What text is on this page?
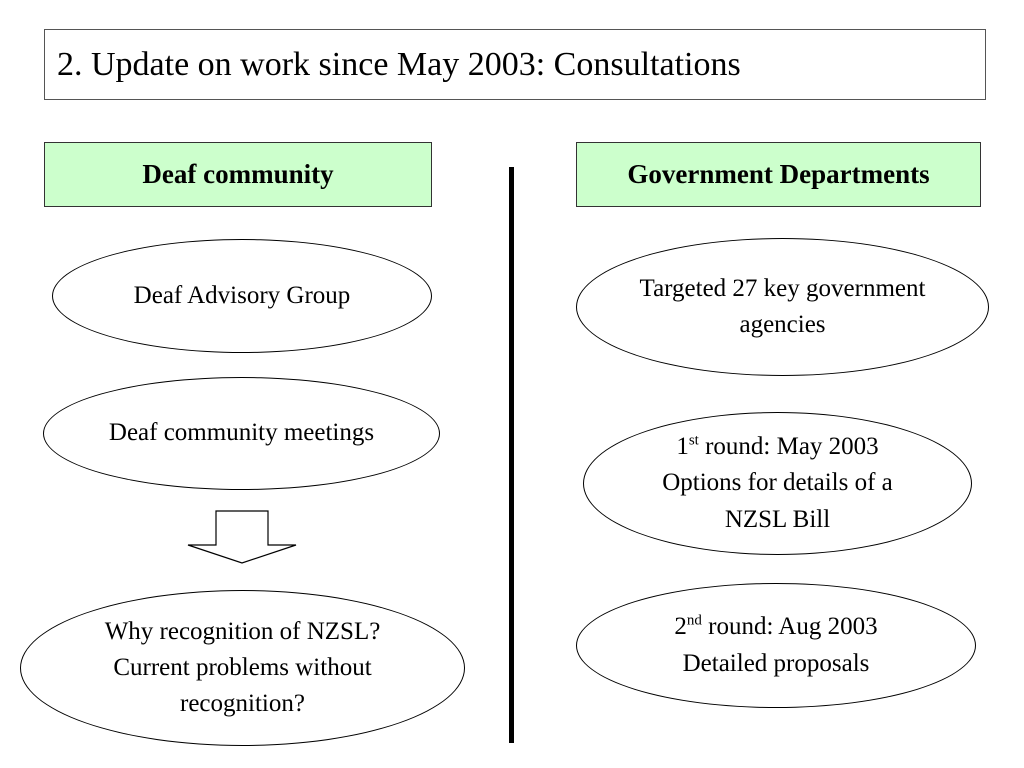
2. Update on work since May 2003: Consultations
Deaf community	Government Departments
Deaf Advisory Group
Deaf community meetings
Why recognition of NZSL?
Current problems without
recognition?
Targeted 27 key government
agencies
1st round: May 2003
Options for details of a
NZSL Bill
2nd round: Aug 2003
Detailed proposals
